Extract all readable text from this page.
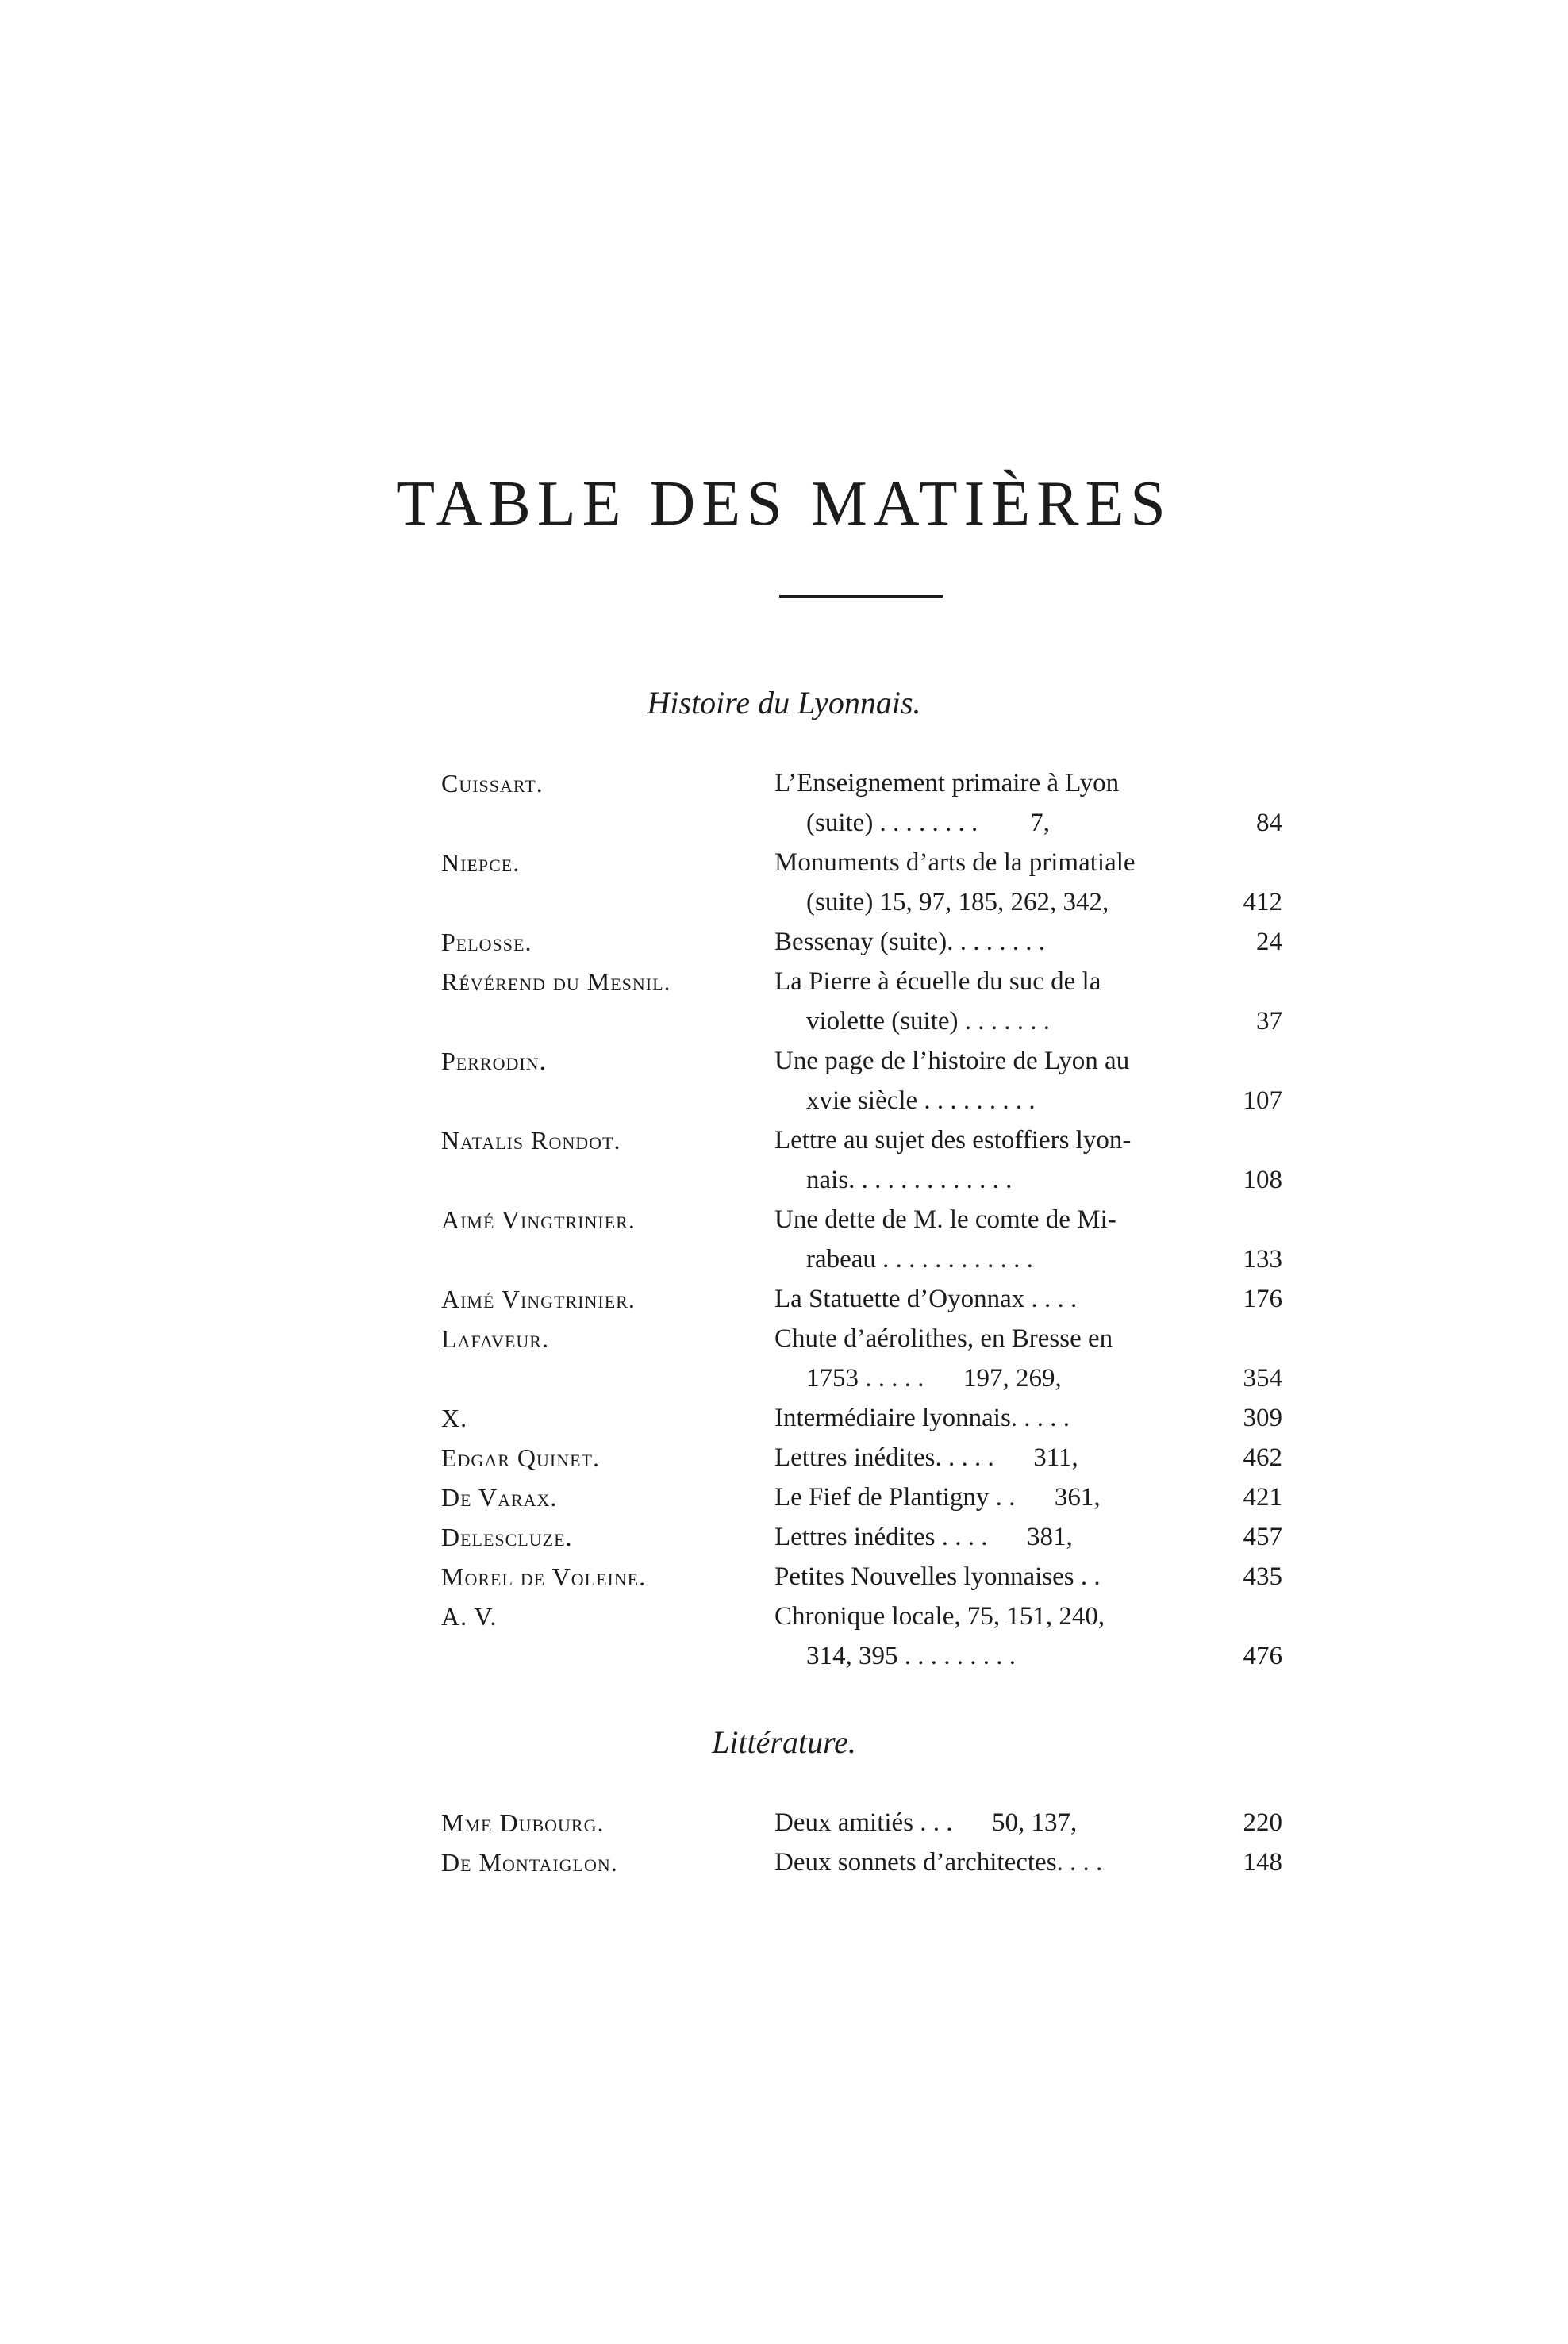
TABLE DES MATIÈRES
Histoire du Lyonnais.
Cuissart.	L’Enseignement primaire à Lyon
(suite) . . . . . . . .        7,	84
Niepce.	Monuments d’arts de la primatiale
(suite) 15, 97, 185, 262, 342,	412
Pelosse.	Bessenay (suite). . . . . . . .	24
Révérend du Mesnil.	La Pierre à écuelle du suc de la
violette (suite) . . . . . . .	37
Perrodin.	Une page de l’histoire de Lyon au
xvie siècle . . . . . . . . .	107
Natalis Rondot.	Lettre au sujet des estoffiers lyon-
nais. . . . . . . . . . . . .	108
Aimé Vingtrinier.	Une dette de M. le comte de Mi-
rabeau . . . . . . . . . . . .	133
Aimé Vingtrinier.	La Statuette d’Oyonnax . . . .	176
Lafaveur.	Chute d’aérolithes, en Bresse en
1753 . . . . .      197, 269,	354
X.	Intermédiaire lyonnais. . . . .	309
Edgar Quinet.	Lettres inédites. . . . .      311,	462
De Varax.	Le Fief de Plantigny . .      361,	421
Delescluze.	Lettres inédites . . . .      381,	457
Morel de Voleine.	Petites Nouvelles lyonnaises . .	435
A. V.	Chronique locale, 75, 151, 240,
314, 395 . . . . . . . . .	476
Littérature.
Mme Dubourg.	Deux amitiés . . .      50, 137,	220
De Montaiglon.	Deux sonnets d’architectes. . . .	148
